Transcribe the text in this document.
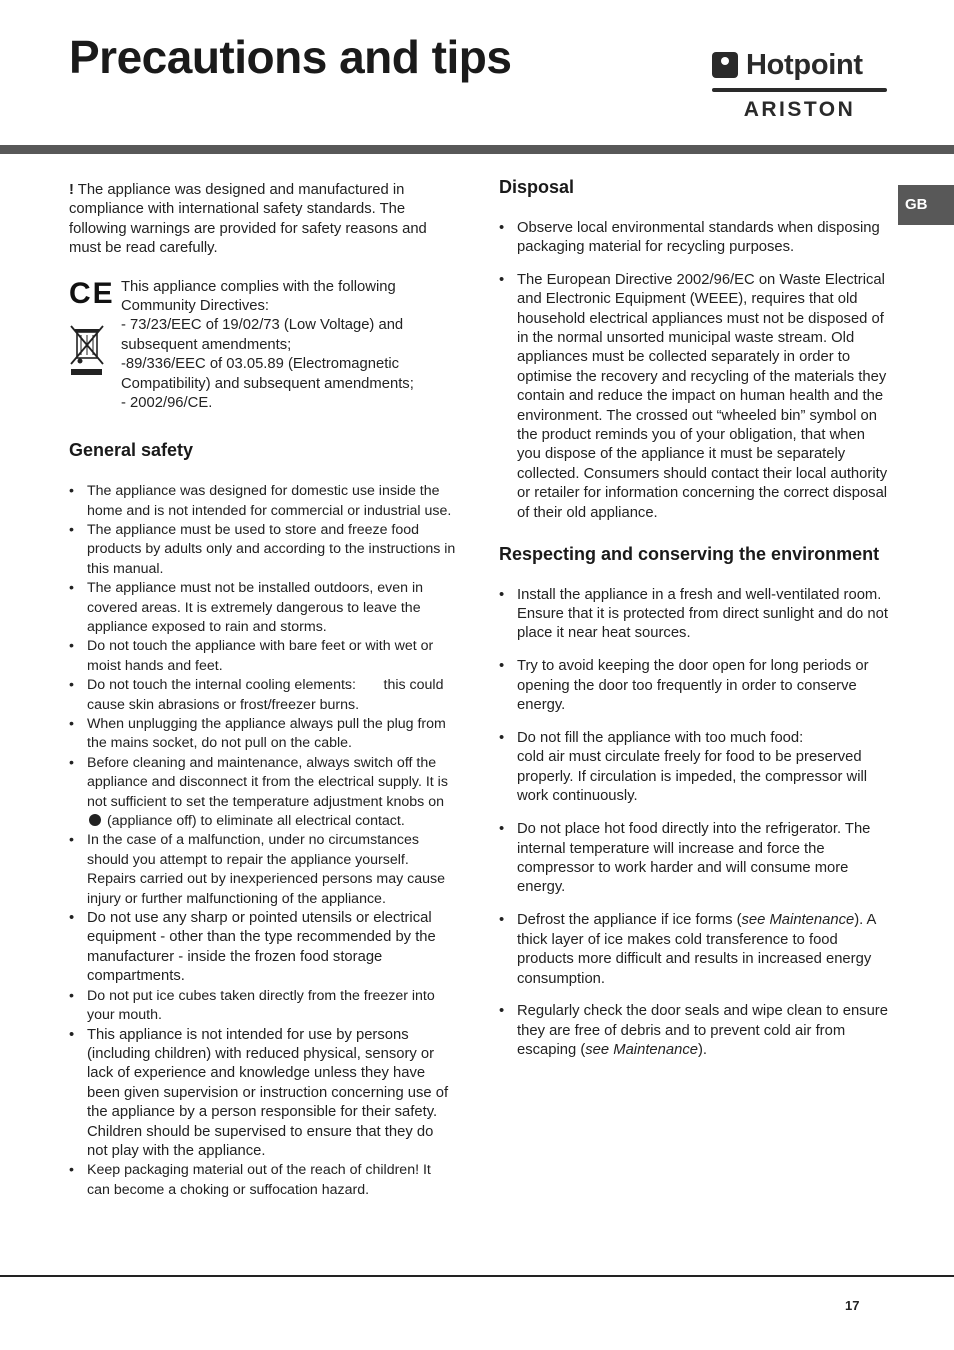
Precautions and tips	Hotpoint
ARISTON
GB

! The appliance was designed and manufactured in compliance with international safety standards. The following warnings are provided for safety reasons and must be read carefully.

CE This appliance complies with the following Community Directives:

- 73/23/EEC of 19/02/73 (Low Voltage) and subsequent amendments;

-89/336/EEC of 03.05.89 (Electromagnetic Compatibility) and subsequent amendments;

- 2002/96/CE.

General safety
• The appliance was designed for domestic use inside the home and is not intended for commercial or industrial use.
• The appliance must be used to store and freeze food products by adults only and according to the instructions in this manual.
• The appliance must not be installed outdoors, even in covered areas. It is extremely dangerous to leave the appliance exposed to rain and storms.
• Do not touch the appliance with bare feet or with wet or moist hands and feet.
• Do not touch the internal cooling elements:       this could cause skin abrasions or frost/freezer burns.
• When unplugging the appliance always pull the plug from the mains socket, do not pull on the cable.
• Before cleaning and maintenance, always switch off the appliance and disconnect it from the electrical supply. It is not sufficient to set the temperature adjustment knobs on  (appliance off) to eliminate all electrical contact.
• In the case of a malfunction, under no circumstances should you attempt to repair the appliance yourself. Repairs carried out by inexperienced persons may cause injury or further malfunctioning of the appliance.
• Do not use any sharp or pointed utensils or electrical equipment - other than the type recommended by the manufacturer - inside the frozen food storage compartments.
• Do not put ice cubes taken directly from the freezer into your mouth.
• This appliance is not intended for use by persons (including children) with reduced physical, sensory or lack of experience and knowledge unless they have been given supervision or instruction concerning use of the appliance by a person responsible for their safety. Children should be supervised to ensure that they do not play with the appliance.
• Keep packaging material out of the reach of children! It can become a choking or suffocation hazard.
Disposal
• Observe local environmental standards when disposing packaging material for recycling purposes.
• The European Directive 2002/96/EC on Waste Electrical and Electronic Equipment (WEEE), requires that old household electrical appliances must not be disposed of in the normal unsorted municipal waste stream. Old appliances must be collected separately in order to optimise the recovery and recycling of the materials they contain and reduce the impact on human health and the environment. The crossed out “wheeled bin” symbol on the product reminds you of your obligation, that when you dispose of the appliance it must be separately collected. Consumers should contact their local authority or retailer for information concerning the correct disposal of their old appliance.
Respecting and conserving the environment
• Install the appliance in a fresh and well-ventilated room. Ensure that it is protected from direct sunlight and do not place it near heat sources.
• Try to avoid keeping the door open for long periods or opening the door too frequently in order to conserve energy.
• Do not fill the appliance with too much food:
cold air must circulate freely for food to be preserved properly. If circulation is impeded, the compressor will work continuously.
• Do not place hot food directly into the refrigerator. The internal temperature will increase and force the compressor to work harder and will consume more energy.
• Defrost the appliance if ice forms (see Maintenance). A thick layer of ice makes cold transference to food products more difficult and results in increased energy consumption.
• Regularly check the door seals and wipe clean to ensure they are free of debris and to prevent cold air from escaping (see Maintenance).
17
